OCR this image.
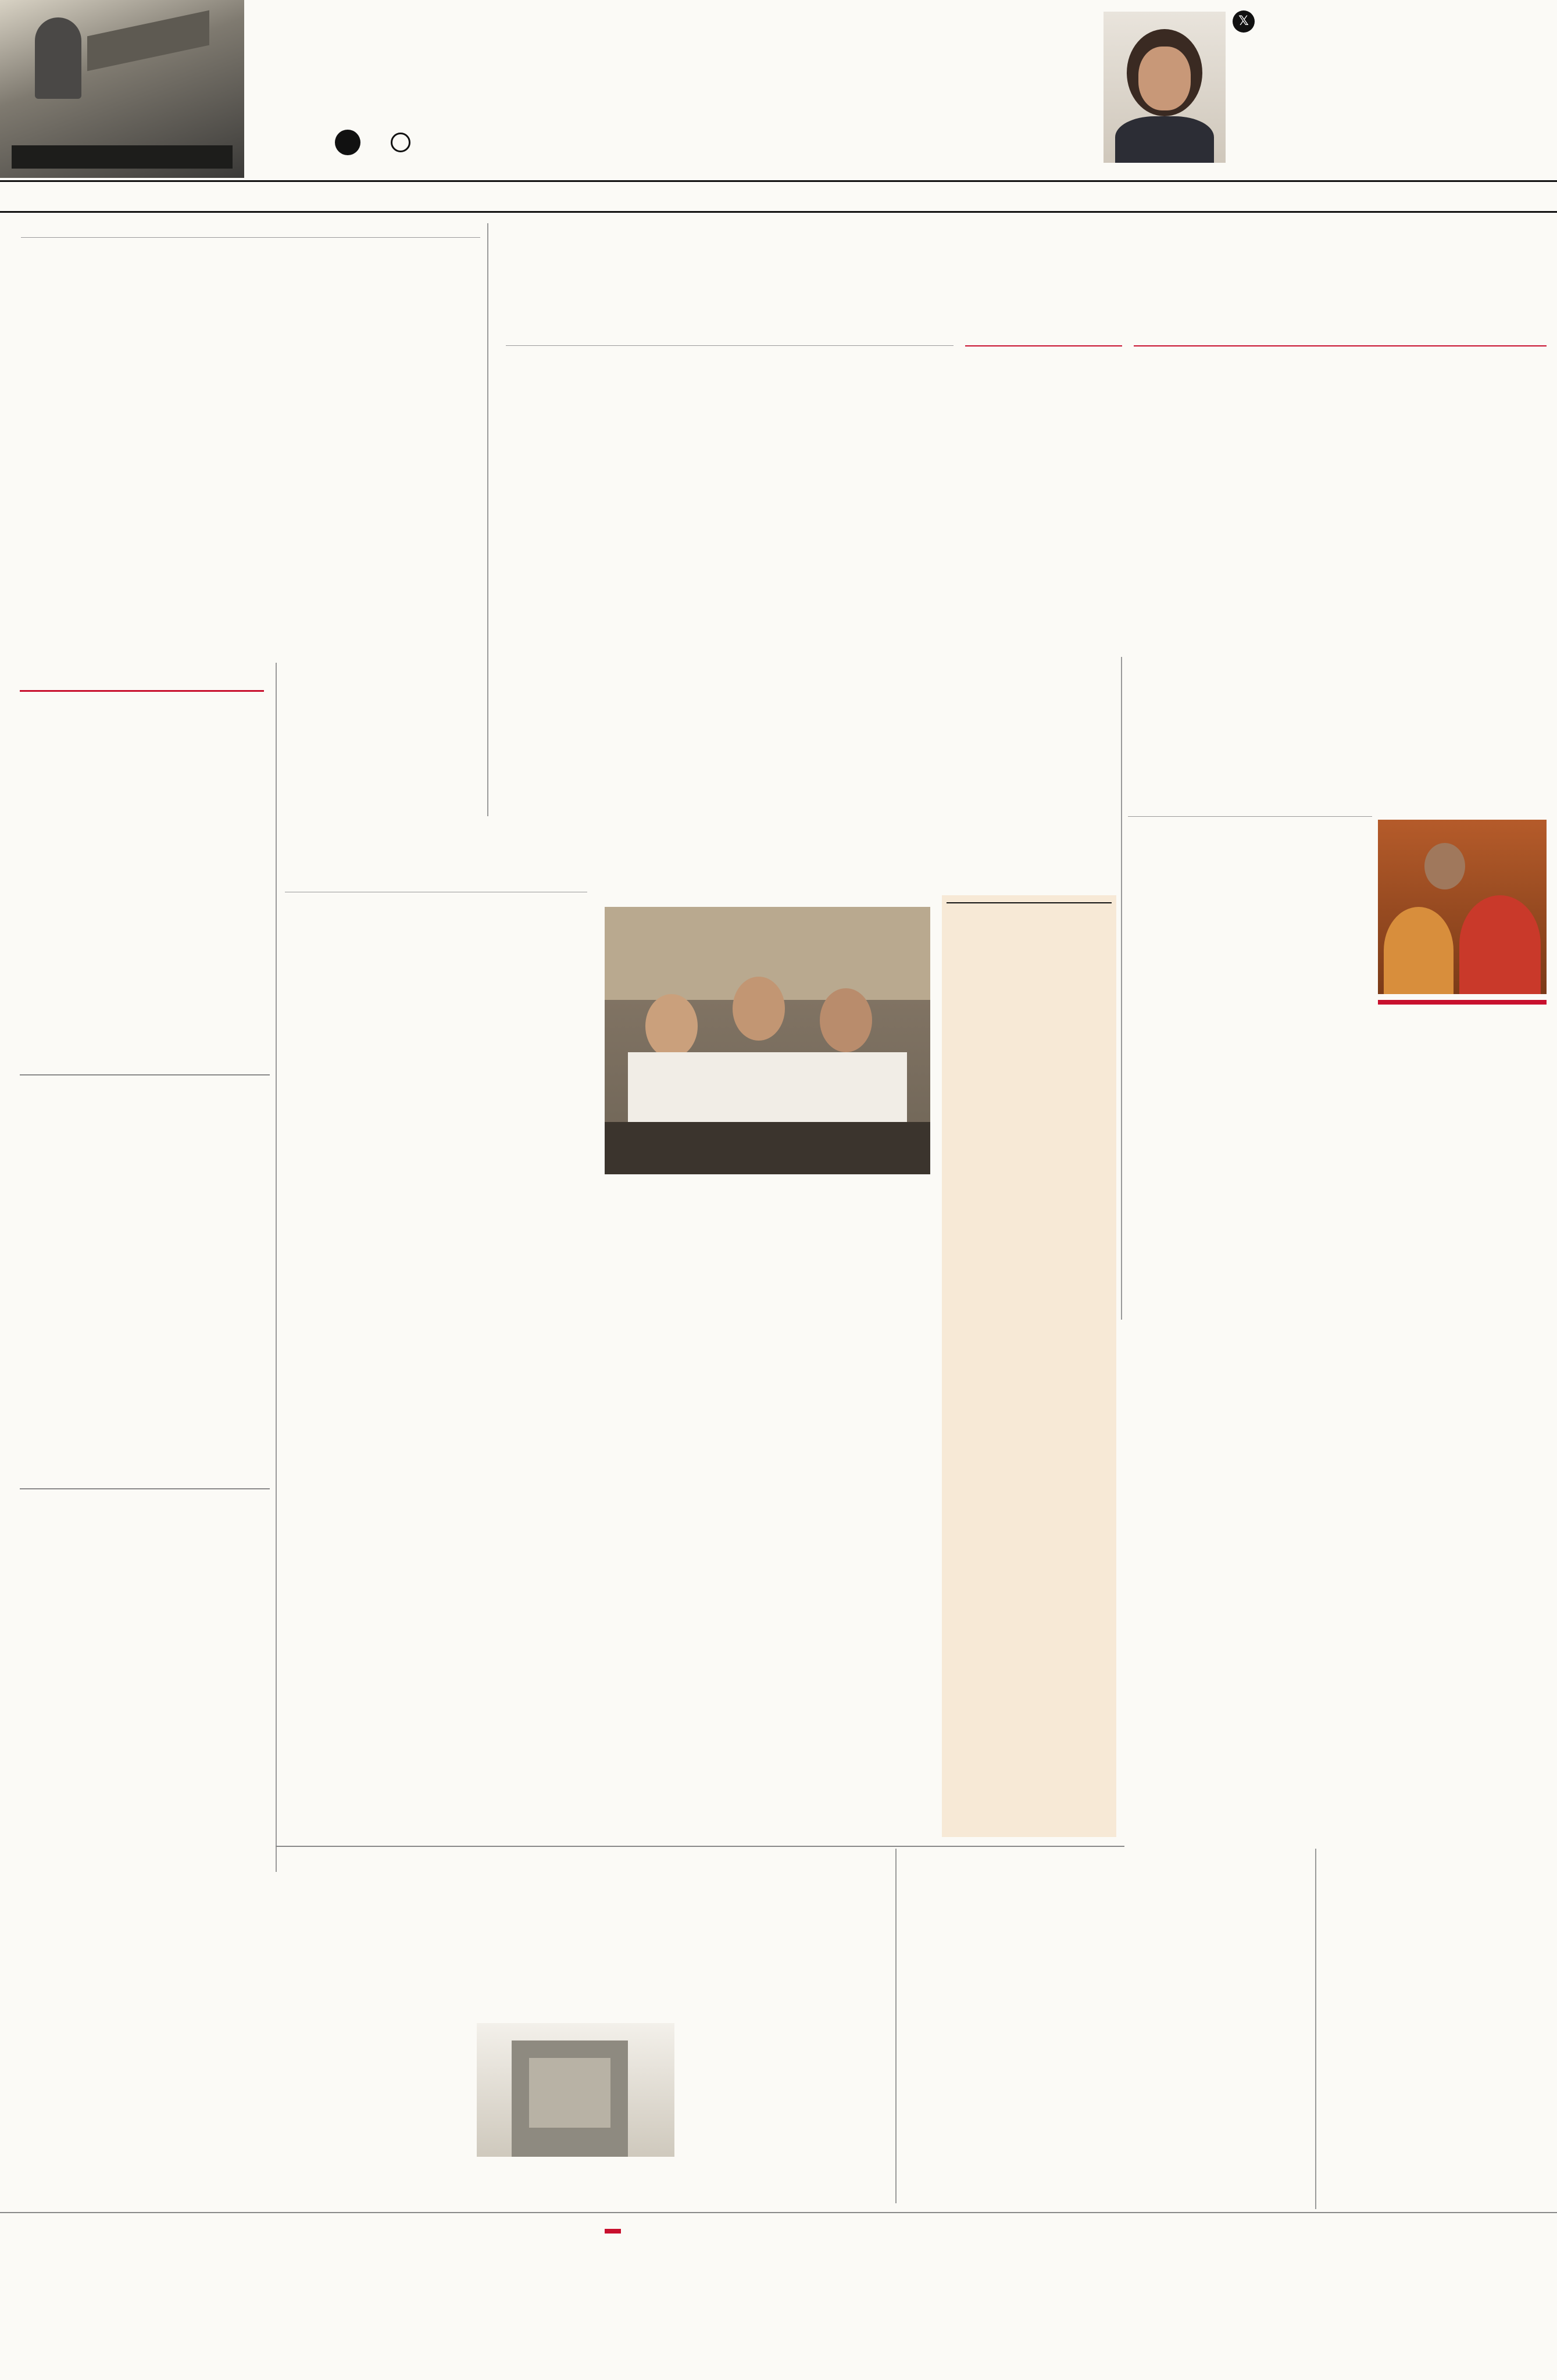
𝕏
